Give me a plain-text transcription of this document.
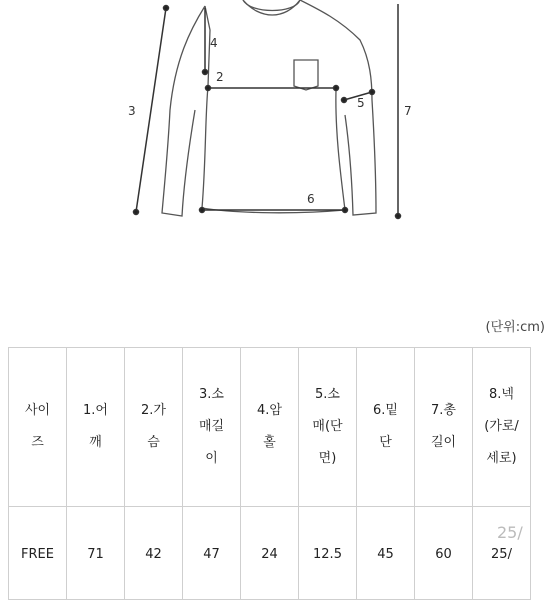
4
2
3
5
7
6
(단위:cm)
사이즈	1.어깨	2.가슴	3.소매길이	4.암홀	5.소매(단면)	6.밑단	7.총길이	8.넥(가로/세로)

FREE	71	42	47	24	12.5	45	60	25/
25/
